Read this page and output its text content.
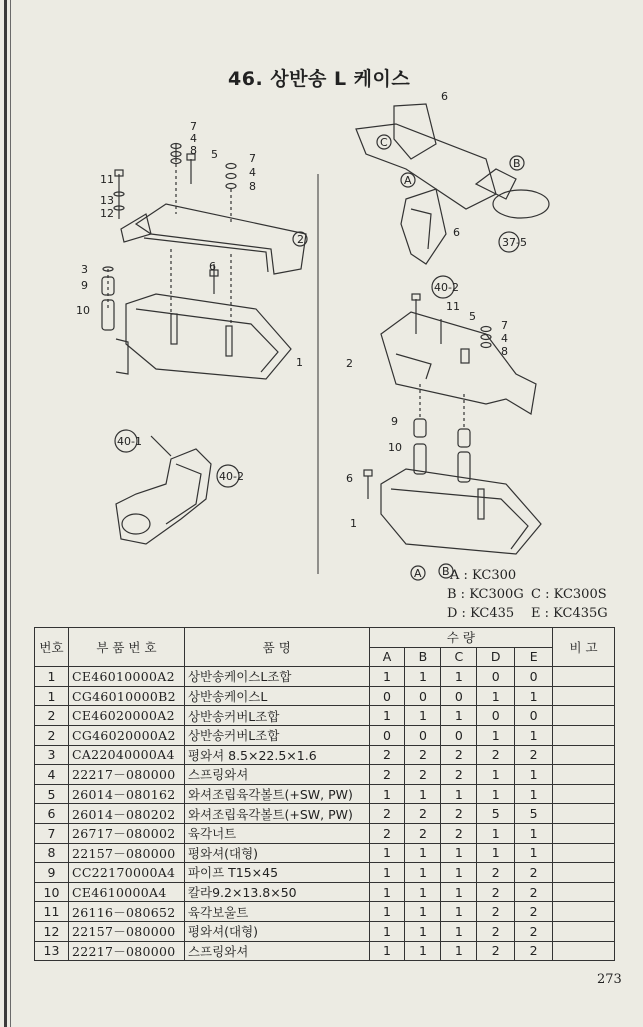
46. 상반송 L 케이스
7
4
8 5	7
4
8
11
13
12
2
6
3
9
10
1
40-1
40-2
6
C
B
A
6
37-5
40-2
11
5
7
4
8
2
9
10
6
1
A B A : KC300
B : KC300G C : KC300S
D : KC435	E : KC435G
번호	부 품 번 호	품 명	수 량					비 고
			A	B	C	D	E	
1	CE46010000A2	상반송케이스L조합	1	1	1	0	0	
1	CG46010000B2	상반송케이스L	0	0	0	1	1	
2	CE46020000A2	상반송커버L조합	1	1	1	0	0	
2	CG46020000A2	상반송커버L조합	0	0	0	1	1	
3	CA22040000A4	평와셔 8.5×22.5×1.6	2	2	2	2	2	
4	22217－080000	스프링와셔	2	2	2	1	1	
5	26014－080162	와셔조립육각볼트(+SW, PW)	1	1	1	1	1	
6	26014－080202	와셔조립육각볼트(+SW, PW)	2	2	2	5	5	
7	26717－080002	육각너트	2	2	2	1	1	
8	22157－080000	평와셔(대형)	1	1	1	1	1	
9	CC22170000A4	파이프 T15×45	1	1	1	2	2	
10	CE4610000A4	칼라9.2×13.8×50	1	1	1	2	2	
11	26116－080652	육각보울트	1	1	1	2	2	
12	22157－080000	평와셔(대형)	1	1	1	2	2	
13	22217－080000	스프링와셔	1	1	1	2	2	
273
